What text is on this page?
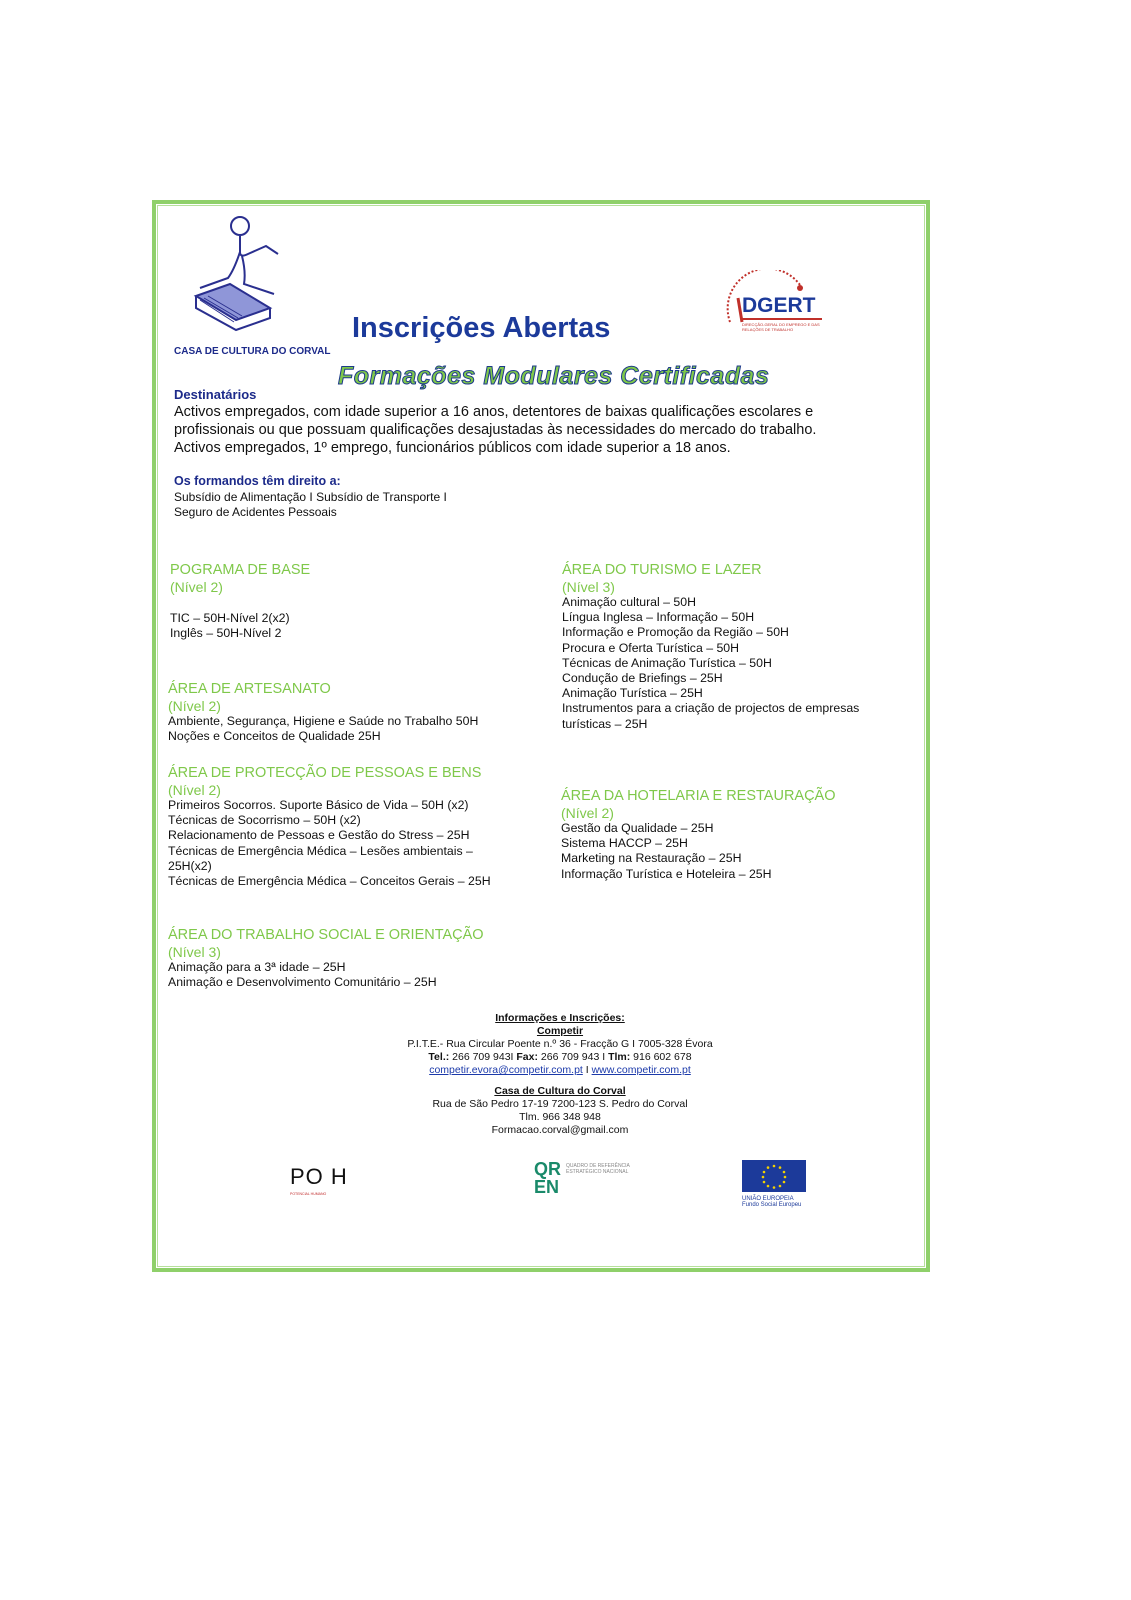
CASA DE CULTURA DO CORVAL
Inscrições Abertas
Formações Modulares Certificadas
DGERT
DIRECÇÃO-GERAL DO EMPREGO E DAS RELAÇÕES DE TRABALHO
Destinatários
Activos empregados, com idade superior a 16 anos, detentores de baixas qualificações escolares e
profissionais ou que possuam qualificações desajustadas às necessidades do mercado do trabalho.
Activos empregados, 1º emprego, funcionários públicos com idade superior a 18 anos.
Os formandos têm direito a:
Subsídio de Alimentação I Subsídio de Transporte I
Seguro de Acidentes Pessoais
POGRAMA DE BASE
(Nível 2)
TIC – 50H-Nível 2(x2)
Inglês – 50H-Nível 2
ÁREA DE ARTESANATO
(Nível 2)
Ambiente, Segurança, Higiene e Saúde no Trabalho 50H
Noções e Conceitos de Qualidade 25H
ÁREA DE PROTECÇÃO DE PESSOAS E BENS
(Nível 2)
Primeiros Socorros. Suporte Básico de Vida – 50H (x2)
Técnicas de Socorrismo – 50H (x2)
Relacionamento de Pessoas e Gestão do Stress – 25H
Técnicas de Emergência Médica – Lesões ambientais –
25H(x2)
Técnicas de Emergência Médica – Conceitos Gerais – 25H
ÁREA DO TRABALHO SOCIAL E ORIENTAÇÃO
(Nível 3)
Animação para a 3ª idade – 25H
Animação e Desenvolvimento Comunitário – 25H
ÁREA DO TURISMO E LAZER
(Nível 3)
Animação cultural – 50H
Língua Inglesa – Informação – 50H
Informação e Promoção da Região – 50H
Procura e Oferta Turística – 50H
Técnicas de Animação Turística – 50H
Condução de Briefings – 25H
Animação Turística – 25H
Instrumentos para a criação de projectos de empresas
turísticas – 25H
ÁREA DA HOTELARIA E RESTAURAÇÃO
(Nível 2)
Gestão da Qualidade – 25H
Sistema HACCP – 25H
Marketing na Restauração – 25H
Informação Turística e Hoteleira – 25H
Informações e Inscrições:
Competir
P.I.T.E.- Rua Circular Poente n.º 36 - Fracção G I 7005-328 Évora
Tel.: 266 709 943I Fax: 266 709 943 I Tlm: 916 602 678
competir.evora@competir.com.pt I www.competir.com.pt
Casa de Cultura do Corval
Rua de São Pedro 17-19 7200-123 S. Pedro do Corval
Tlm. 966 348 948
Formacao.corval@gmail.com
PO H
POTENCIAL HUMANO
QR EN
QUADRO DE REFERÊNCIA ESTRATÉGICO NACIONAL
UNIÃO EUROPEIA
Fundo Social Europeu
